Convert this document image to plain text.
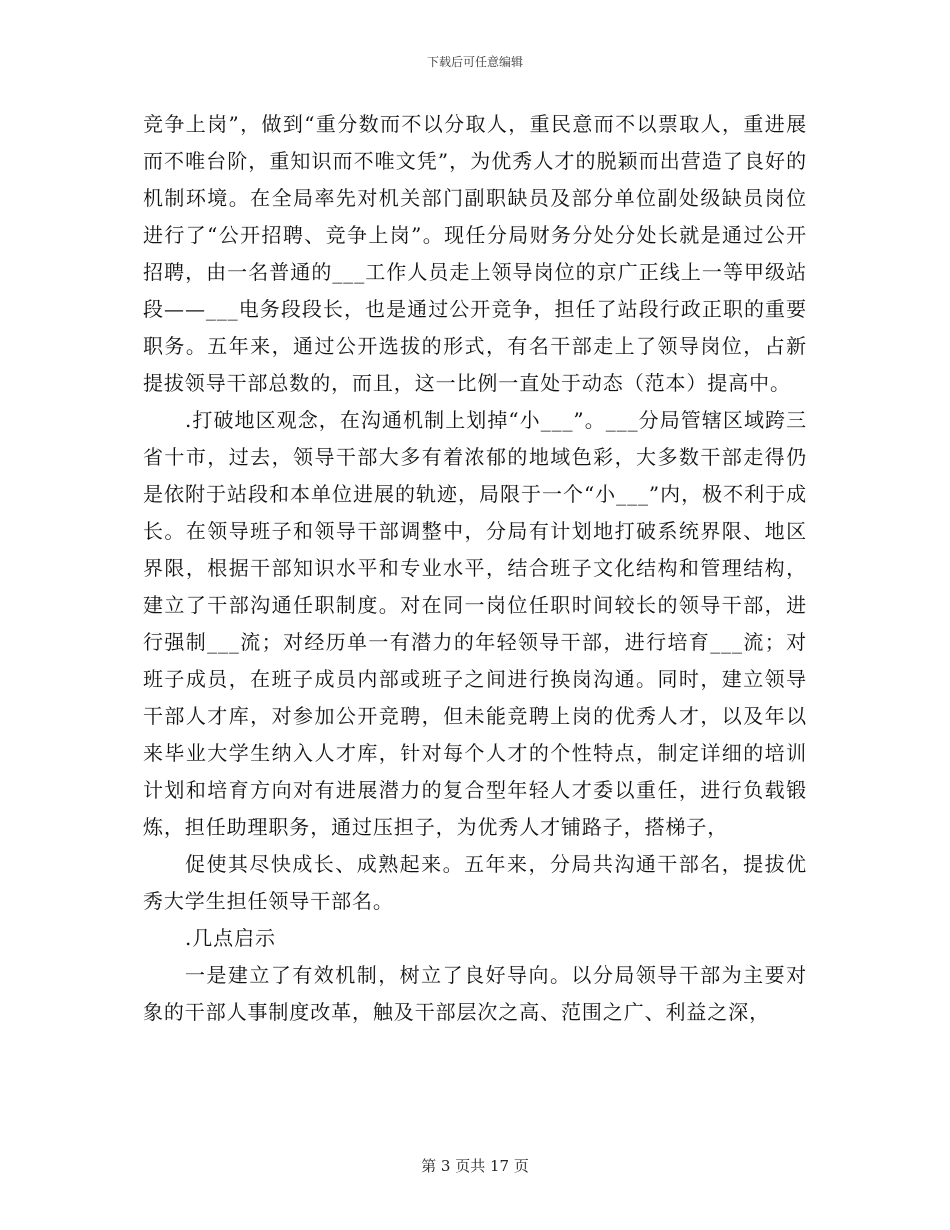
下载后可任意编辑

竞争上岗”，做到“重分数而不以分取人，重民意而不以票取人，重进展而不唯台阶，重知识而不唯文凭”，为优秀人才的脱颖而出营造了良好的机制环境。在全局率先对机关部门副职缺员及部分单位副处级缺员岗位进行了“公开招聘、竞争上岗”。现任分局财务分处分处长就是通过公开招聘，由一名普通的___工作人员走上领导岗位的京广正线上一等甲级站段——___电务段段长，也是通过公开竞争，担任了站段行政正职的重要职务。五年来，通过公开选拔的形式，有名干部走上了领导岗位，占新提拔领导干部总数的，而且，这一比例一直处于动态（范本）提高中。

.打破地区观念，在沟通机制上划掉“小___”。___分局管辖区域跨三省十市，过去，领导干部大多有着浓郁的地域色彩，大多数干部走得仍是依附于站段和本单位进展的轨迹，局限于一个“小___”内，极不利于成长。在领导班子和领导干部调整中，分局有计划地打破系统界限、地区界限，根据干部知识水平和专业水平，结合班子文化结构和管理结构，建立了干部沟通任职制度。对在同一岗位任职时间较长的领导干部，进行强制___流；对经历单一有潜力的年轻领导干部，进行培育___流；对班子成员，在班子成员内部或班子之间进行换岗沟通。同时，建立领导干部人才库，对参加公开竞聘，但未能竞聘上岗的优秀人才，以及年以来毕业大学生纳入人才库，针对每个人才的个性特点，制定详细的培训计划和培育方向对有进展潜力的复合型年轻人才委以重任，进行负载锻炼，担任助理职务，通过压担子，为优秀人才铺路子，搭梯子，

促使其尽快成长、成熟起来。五年来，分局共沟通干部名，提拔优秀大学生担任领导干部名。

.几点启示

一是建立了有效机制，树立了良好导向。以分局领导干部为主要对象的干部人事制度改革，触及干部层次之高、范围之广、利益之深，

第 3 页共 17 页
